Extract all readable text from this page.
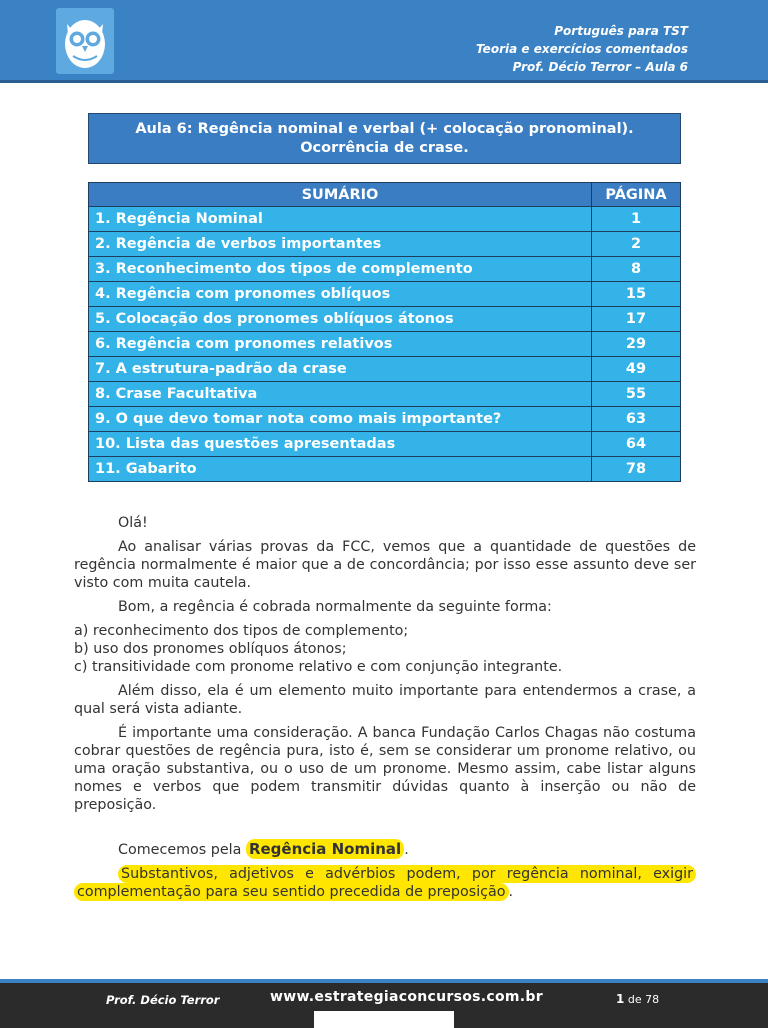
Português para TST
Teoria e exercícios comentados
Prof. Décio Terror – Aula 6
Aula 6: Regência nominal e verbal (+ colocação pronominal).
Ocorrência de crase.
SUMÁRIO	PÁGINA
1. Regência Nominal	1
2. Regência de verbos importantes	2
3. Reconhecimento dos tipos de complemento	8
4. Regência com pronomes oblíquos	15
5. Colocação dos pronomes oblíquos átonos	17
6. Regência com pronomes relativos	29
7. A estrutura-padrão da crase	49
8. Crase Facultativa	55
9. O que devo tomar nota como mais importante?	63
10. Lista das questões apresentadas	64
11. Gabarito	78

Olá!

Ao analisar várias provas da FCC, vemos que a quantidade de questões de regência normalmente é maior que a de concordância; por isso esse assunto deve ser visto com muita cautela.

Bom, a regência é cobrada normalmente da seguinte forma:

a) reconhecimento dos tipos de complemento;
b) uso dos pronomes oblíquos átonos;
c) transitividade com pronome relativo e com conjunção integrante.

Além disso, ela é um elemento muito importante para entendermos a crase, a qual será vista adiante.

É importante uma consideração. A banca Fundação Carlos Chagas não costuma cobrar questões de regência pura, isto é, sem se considerar um pronome relativo, ou uma oração substantiva, ou o uso de um pronome. Mesmo assim, cabe listar alguns nomes e verbos que podem transmitir dúvidas quanto à inserção ou não de preposição.

Comecemos pela Regência Nominal .

Substantivos, adjetivos e advérbios podem, por regência nominal, exigir complementação para seu sentido precedida de preposição .

Prof. Décio Terror	www.estrategiaconcursos.com.br	1 de 78
